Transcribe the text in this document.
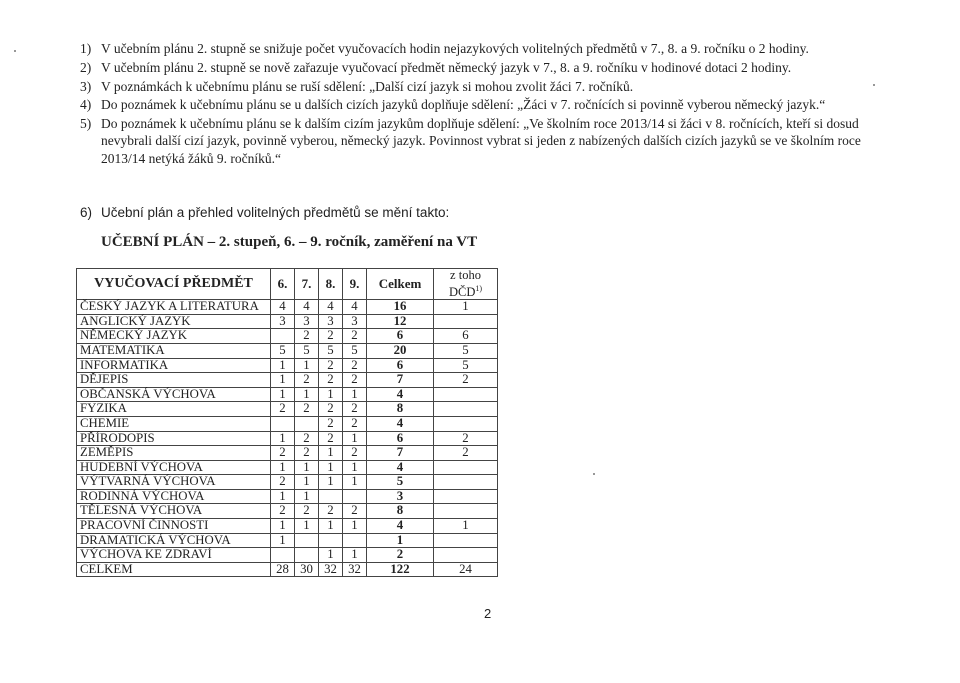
1) V učebním plánu 2. stupně se snižuje počet vyučovacích hodin nejazykových volitelných předmětů v 7., 8. a 9. ročníku o 2 hodiny.
2) V učebním plánu 2. stupně se nově zařazuje vyučovací předmět německý jazyk v 7., 8. a 9. ročníku v hodinové dotaci 2 hodiny.
3) V poznámkách k učebnímu plánu se ruší sdělení: „Další cizí jazyk si mohou zvolit žáci 7. ročníků.
4) Do poznámek k učebnímu plánu se u dalších cizích jazyků doplňuje sdělení: „Žáci v 7. ročnících si povinně vyberou německý jazyk.“
5) Do poznámek k učebnímu plánu se k dalším cizím jazykům doplňuje sdělení: „Ve školním roce 2013/14 si žáci v 8. ročnících, kteří si dosud nevybrali další cizí jazyk, povinně vyberou, německý jazyk. Povinnost vybrat si jeden z nabízených dalších cizích jazyků se ve školním roce 2013/14 netýká žáků 9. ročníků.“
6) Učební plán a přehled volitelných předmětů se mění takto:
UČEBNÍ PLÁN – 2. stupeň, 6. – 9. ročník, zaměření na VT
VYUČOVACÍ PŘEDMĚT	6.	7.	8.	9.	Celkem	z toho
DČD$^{1)}$

ČESKÝ JAZYK A LITERATURA	4	4	4	4	16	1
ANGLICKÝ JAZYK	3	3	3	3	12	
NĚMECKÝ JAZYK		2	2	2	6	6
MATEMATIKA	5	5	5	5	20	5
INFORMATIKA	1	1	2	2	6	5
DĚJEPIS	1	2	2	2	7	2
OBČANSKÁ VÝCHOVA	1	1	1	1	4	
FYZIKA	2	2	2	2	8	
CHEMIE			2	2	4	
PŘÍRODOPIS	1	2	2	1	6	2
ZEMĚPIS	2	2	1	2	7	2
HUDEBNÍ VÝCHOVA	1	1	1	1	4	
VÝTVARNÁ VÝCHOVA	2	1	1	1	5	
RODINNÁ VÝCHOVA	1	1			3	
TĚLESNÁ VÝCHOVA	2	2	2	2	8	
PRACOVNÍ ČINNOSTI	1	1	1	1	4	1
DRAMATICKÁ VÝCHOVA	1				1	
VÝCHOVA KE ZDRAVÍ			1	1	2	
CELKEM	28	30	32	32	122	24
2
